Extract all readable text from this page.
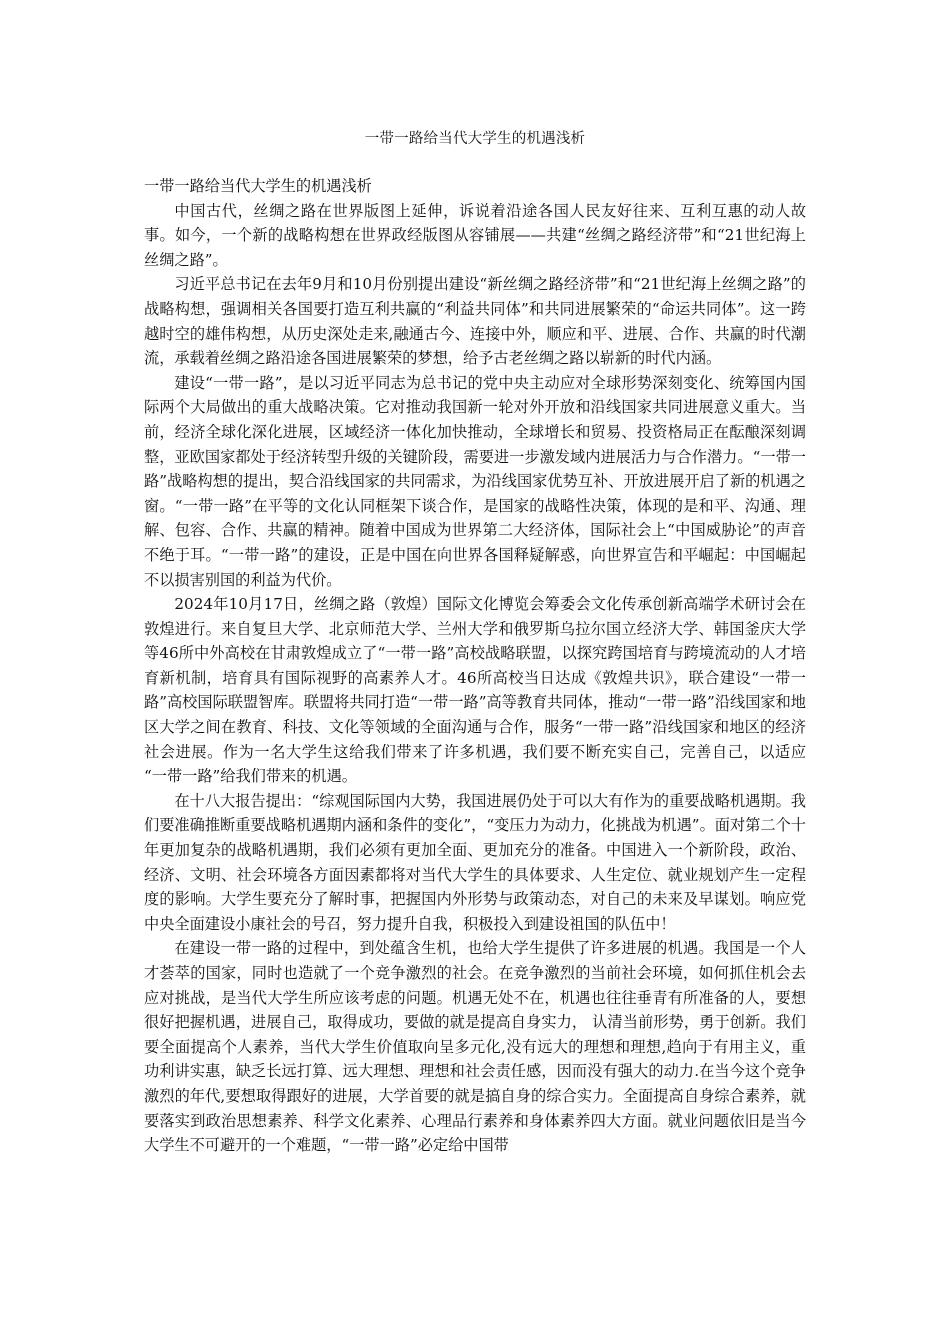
一带一路给当代大学生的机遇浅析

一带一路给当代大学生的机遇浅析

中国古代，丝绸之路在世界版图上延伸，诉说着沿途各国人民友好往来、互利互惠的动人故事。如今，一个新的战略构想在世界政经版图从容铺展——共建“丝绸之路经济带”和“21世纪海上丝绸之路”。

习近平总书记在去年9月和10月份别提出建设“新丝绸之路经济带”和“21世纪海上丝绸之路”的战略构想，强调相关各国要打造互利共赢的“利益共同体”和共同进展繁荣的“命运共同体”。这一跨越时空的雄伟构想，从历史深处走来,融通古今、连接中外，顺应和平、进展、合作、共赢的时代潮流，承载着丝绸之路沿途各国进展繁荣的梦想，给予古老丝绸之路以崭新的时代内涵。

建设“一带一路”，是以习近平同志为总书记的党中央主动应对全球形势深刻变化、统筹国内国际两个大局做出的重大战略决策。它对推动我国新一轮对外开放和沿线国家共同进展意义重大。当前，经济全球化深化进展，区域经济一体化加快推动，全球增长和贸易、投资格局正在酝酿深刻调整，亚欧国家都处于经济转型升级的关键阶段，需要进一步激发域内进展活力与合作潜力。“一带一路”战略构想的提出，契合沿线国家的共同需求，为沿线国家优势互补、开放进展开启了新的机遇之窗。“一带一路”在平等的文化认同框架下谈合作，是国家的战略性决策，体现的是和平、沟通、理解、包容、合作、共赢的精神。随着中国成为世界第二大经济体，国际社会上“中国威胁论”的声音不绝于耳。“一带一路”的建设，正是中国在向世界各国释疑解惑，向世界宣告和平崛起：中国崛起不以损害别国的利益为代价。

2024年10月17日，丝绸之路（敦煌）国际文化博览会筹委会文化传承创新高端学术研讨会在敦煌进行。来自复旦大学、北京师范大学、兰州大学和俄罗斯乌拉尔国立经济大学、韩国釜庆大学等46所中外高校在甘肃敦煌成立了“一带一路”高校战略联盟，以探究跨国培育与跨境流动的人才培育新机制，培育具有国际视野的高素养人才。46所高校当日达成《敦煌共识》，联合建设“一带一路”高校国际联盟智库。联盟将共同打造“一带一路”高等教育共同体，推动“一带一路”沿线国家和地区大学之间在教育、科技、文化等领域的全面沟通与合作，服务“一带一路”沿线国家和地区的经济社会进展。作为一名大学生这给我们带来了许多机遇，我们要不断充实自己，完善自己，以适应 “一带一路”给我们带来的机遇。

在十八大报告提出：“综观国际国内大势，我国进展仍处于可以大有作为的重要战略机遇期。我们要准确推断重要战略机遇期内涵和条件的变化”，“变压力为动力，化挑战为机遇”。面对第二个十年更加复杂的战略机遇期，我们必须有更加全面、更加充分的准备。中国进入一个新阶段，政治、经济、文明、社会环境各方面因素都将对当代大学生的具体要求、人生定位、就业规划产生一定程度的影响。大学生要充分了解时事，把握国内外形势与政策动态，对自己的未来及早谋划。响应党中央全面建设小康社会的号召，努力提升自我，积极投入到建设祖国的队伍中！

在建设一带一路的过程中，到处蕴含生机，也给大学生提供了许多进展的机遇。我国是一个人才荟萃的国家，同时也造就了一个竞争激烈的社会。在竞争激烈的当前社会环境，如何抓住机会去应对挑战，是当代大学生所应该考虑的问题。机遇无处不在，机遇也往往垂青有所准备的人，要想很好把握机遇，进展自己，取得成功，要做的就是提高自身实力， 认清当前形势，勇于创新。我们要全面提高个人素养，当代大学生价值取向呈多元化,没有远大的理想和理想,趋向于有用主义，重功利讲实惠，缺乏长远打算、远大理想、理想和社会责任感，因而没有强大的动力.在当今这个竞争激烈的年代,要想取得跟好的进展，大学首要的就是搞自身的综合实力。全面提高自身综合素养，就要落实到政治思想素养、科学文化素养、心理品行素养和身体素养四大方面。就业问题依旧是当今大学生不可避开的一个难题，“一带一路”必定给中国带
